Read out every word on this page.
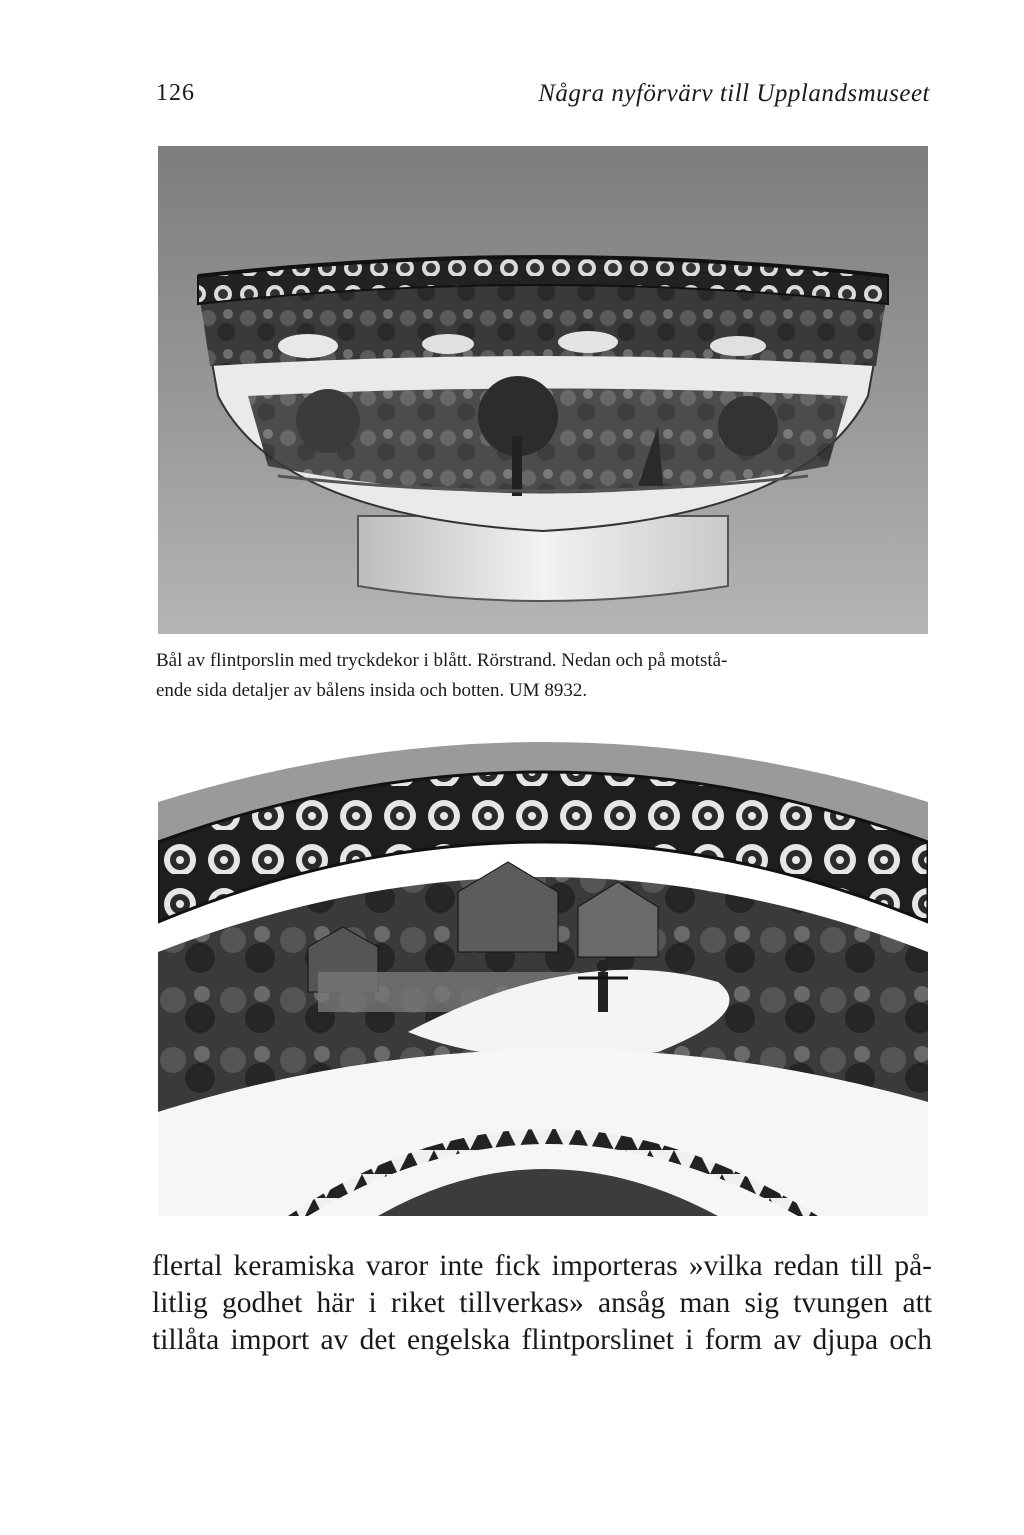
126	Några nyförvärv till Upplandsmuseet
Bål av flintporslin med tryckdekor i blått. Rörstrand. Nedan och på motstå-
ende sida detaljer av bålens insida och botten. UM 8932.
flertal keramiska varor inte fick importeras »vilka redan till på-
litlig godhet här i riket tillverkas» ansåg man sig tvungen att
tillåta import av det engelska flintporslinet i form av djupa och
